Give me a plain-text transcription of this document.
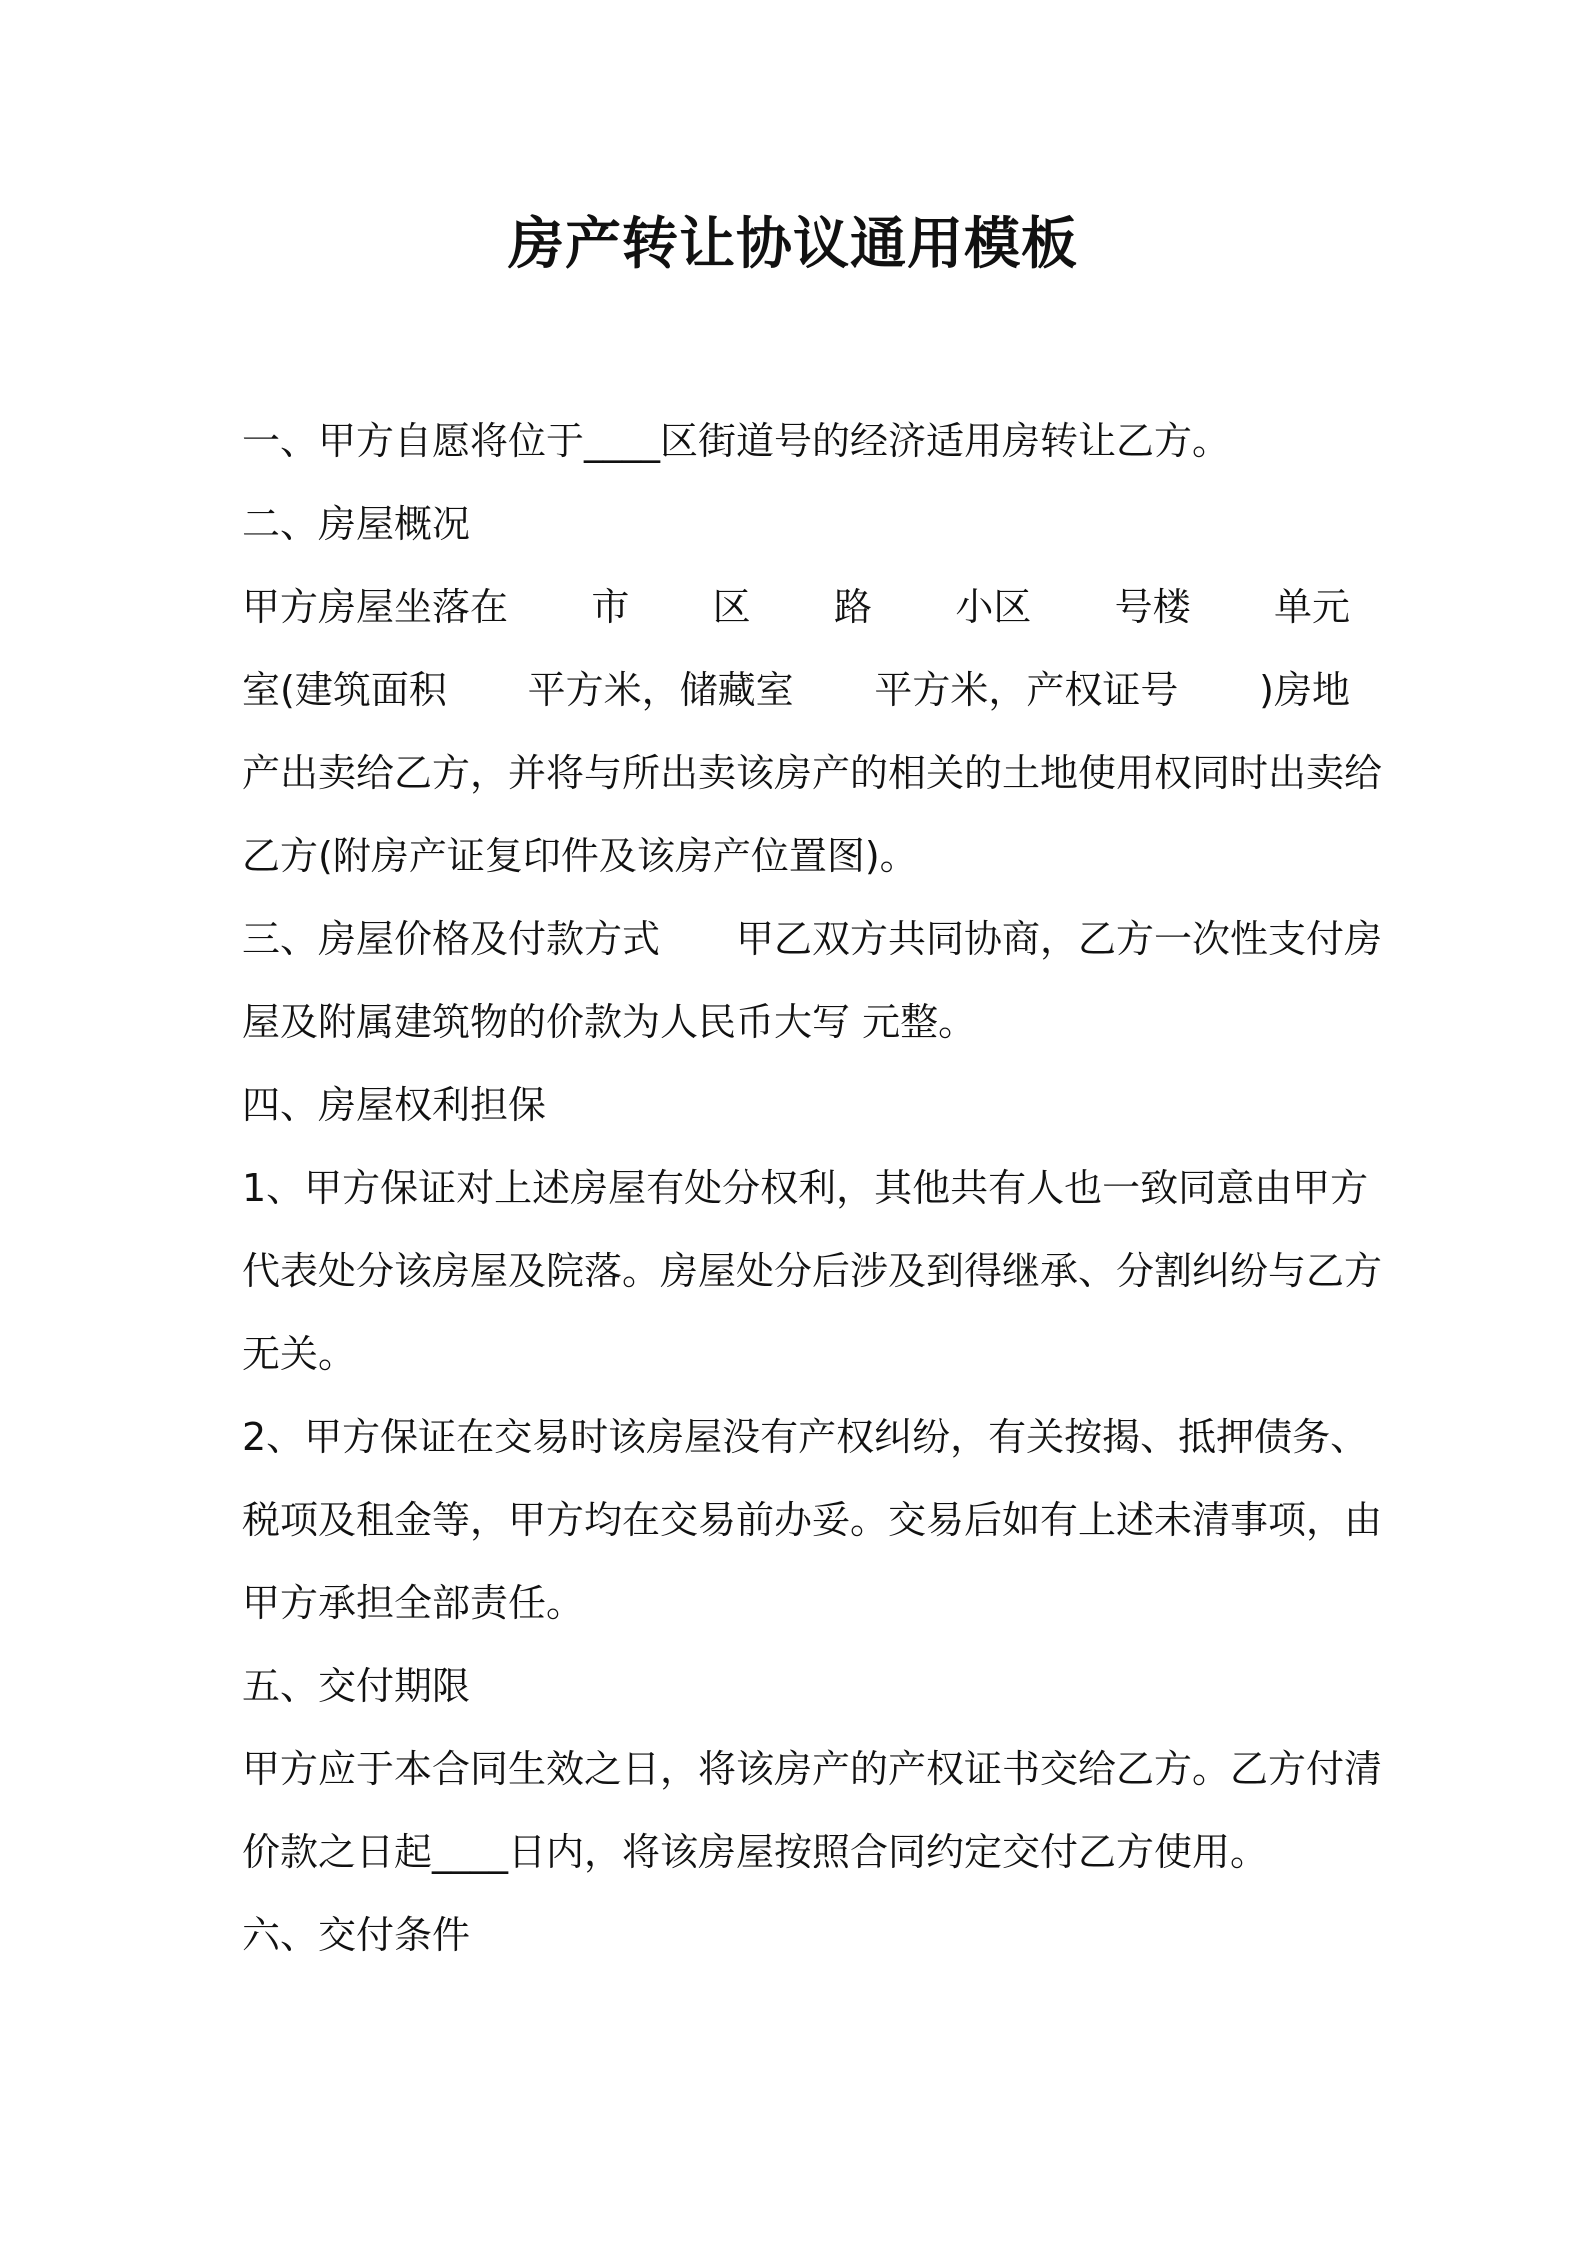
房产转让协议通用模板
一、甲方自愿将位于____区街道号的经济适用房转让乙方。
二、房屋概况
甲方房屋坐落在 市 区 路 小区 号楼 单元
室(建筑面积 平方米，储藏室 平方米，产权证号 )房地
产出卖给乙方，并将与所出卖该房产的相关的土地使用权同时出卖给
乙方(附房产证复印件及该房产位置图)。
三、房屋价格及付款方式 甲乙双方共同协商，乙方一次性支付房
屋及附属建筑物的价款为人民币大写 元整。
四、房屋权利担保
1、甲方保证对上述房屋有处分权利，其他共有人也一致同意由甲方
代表处分该房屋及院落。房屋处分后涉及到得继承、分割纠纷与乙方
无关。
2、甲方保证在交易时该房屋没有产权纠纷，有关按揭、抵押债务、
税项及租金等，甲方均在交易前办妥。交易后如有上述未清事项，由
甲方承担全部责任。
五、交付期限
甲方应于本合同生效之日，将该房产的产权证书交给乙方。乙方付清
价款之日起____日内，将该房屋按照合同约定交付乙方使用。
六、交付条件
